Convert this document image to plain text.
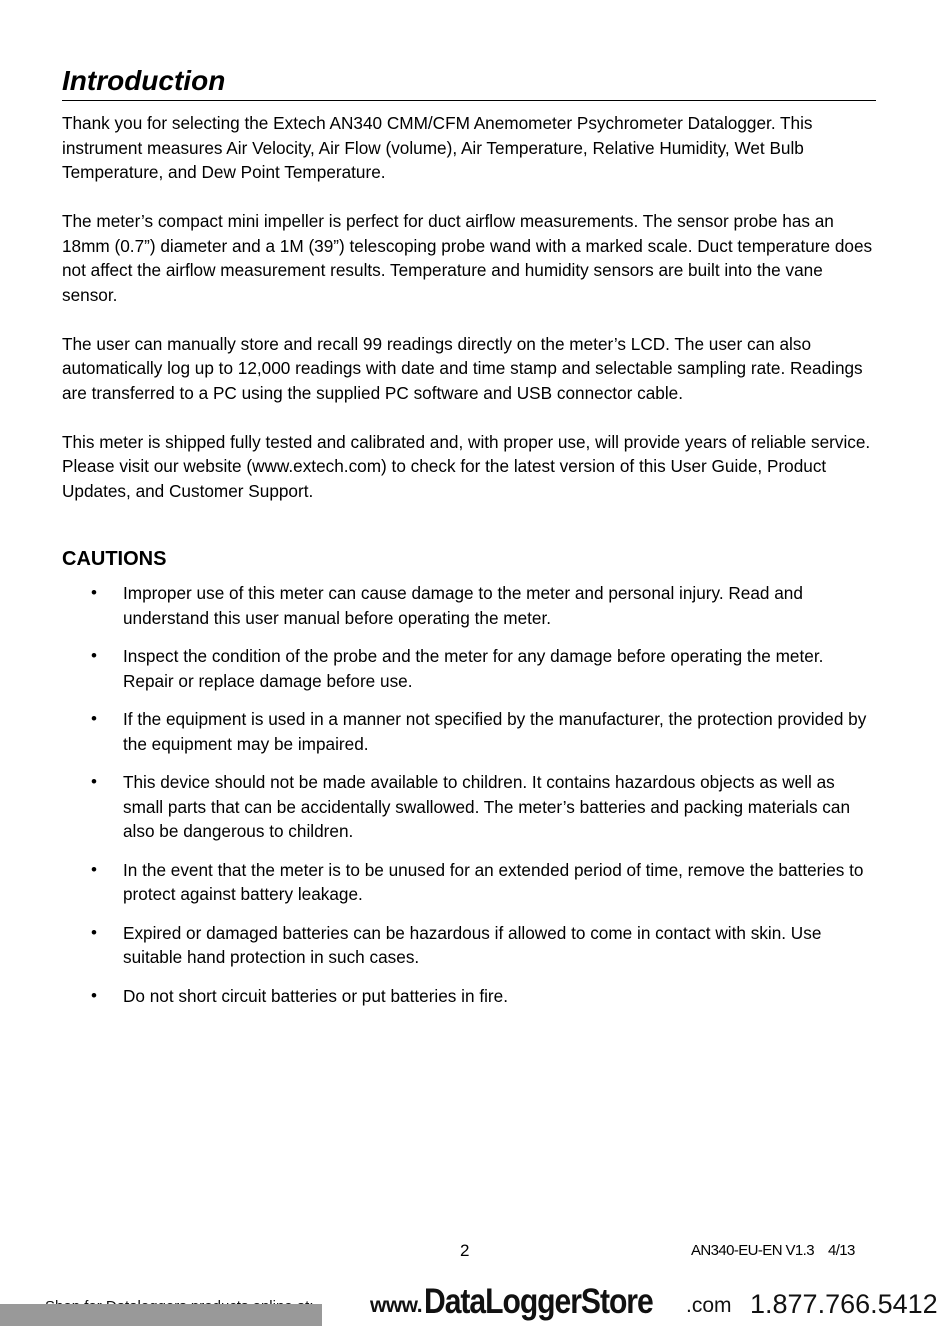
Introduction

Thank you for selecting the Extech AN340 CMM/CFM Anemometer Psychrometer Datalogger. This instrument measures Air Velocity, Air Flow (volume), Air Temperature, Relative Humidity, Wet Bulb Temperature, and Dew Point Temperature.

The meter’s compact mini impeller is perfect for duct airflow measurements. The sensor probe has an 18mm (0.7”) diameter and a 1M (39”) telescoping probe wand with a marked scale. Duct temperature does not affect the airflow measurement results. Temperature and humidity sensors are built into the vane sensor.

The user can manually store and recall 99 readings directly on the meter’s LCD. The user can also automatically log up to 12,000 readings with date and time stamp and selectable sampling rate. Readings are transferred to a PC using the supplied PC software and USB connector cable.

This meter is shipped fully tested and calibrated and, with proper use, will provide years of reliable service. Please visit our website (www.extech.com) to check for the latest version of this User Guide, Product Updates, and Customer Support.

CAUTIONS
• Improper use of this meter can cause damage to the meter and personal injury. Read and understand this user manual before operating the meter.
• Inspect the condition of the probe and the meter for any damage before operating the meter. Repair or replace damage before use.
• If the equipment is used in a manner not specified by the manufacturer, the protection provided by the equipment may be impaired.
• This device should not be made available to children. It contains hazardous objects as well as small parts that can be accidentally swallowed. The meter’s batteries and packing materials can also be dangerous to children.
• In the event that the meter is to be unused for an extended period of time, remove the batteries to protect against battery leakage.
• Expired or damaged batteries can be hazardous if allowed to come in contact with skin. Use suitable hand protection in such cases.
• Do not short circuit batteries or put batteries in fire.
2	AN340-EU-EN V1.3 4/13
www. DataLoggerStore .com 1.877.766.5412
